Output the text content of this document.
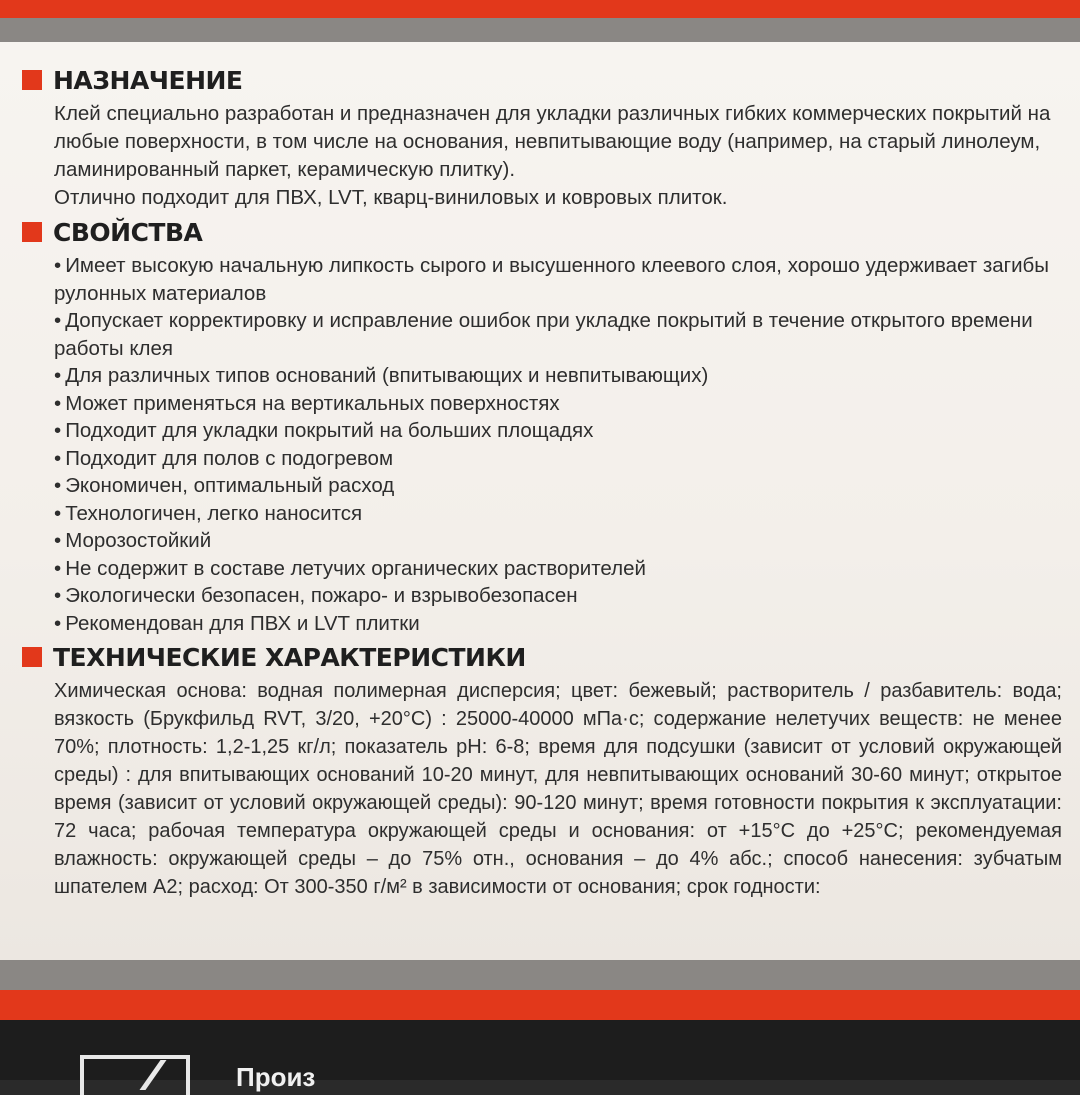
НАЗНАЧЕНИЕ

Клей специально разработан и предназначен для укладки различных гибких коммерческих покрытий на любые поверхности, в том числе на основания, невпитывающие воду (например, на старый линолеум, ламинированный паркет, керамическую плитку).

Отлично подходит для ПВХ, LVT, кварц-виниловых и ковровых плиток.

СВОЙСТВА
• Имеет высокую начальную липкость сырого и высушенного клеевого слоя, хорошо удерживает загибы рулонных материалов
• Допускает корректировку и исправление ошибок при укладке покрытий в течение открытого времени работы клея
• Для различных типов оснований (впитывающих и невпитывающих)
• Может применяться на вертикальных поверхностях
• Подходит для укладки покрытий на больших площадях
• Подходит для полов с подогревом
• Экономичен, оптимальный расход
• Технологичен, легко наносится
• Морозостойкий
• Не содержит в составе летучих органических растворителей
• Экологически безопасен, пожаро- и взрывобезопасен
• Рекомендован для ПВХ и LVT плитки
ТЕХНИЧЕСКИЕ ХАРАКТЕРИСТИКИ
Химическая основа: водная полимерная дисперсия; цвет: бежевый; растворитель / разбавитель: вода; вязкость (Брукфильд RVT, 3/20, +20°C) : 25000-40000 мПа·с; содержание нелетучих веществ: не менее 70%; плотность: 1,2-1,25 кг/л; показатель pH: 6-8; время для подсушки (зависит от условий окружающей среды) : для впитывающих оснований 10-20 минут, для невпитывающих оснований 30-60 минут; открытое время (зависит от условий окружающей среды): 90-120 минут; время готовности покрытия к эксплуатации: 72 часа; рабочая температура окружающей среды и основания: от +15°C до +25°C; рекомендуемая влажность: окружающей среды – до 75% отн., основания – до 4% абс.; способ нанесения: зубчатым шпателем А2; расход: От 300-350 г/м² в зависимости от основания; срок годности:
Произ
